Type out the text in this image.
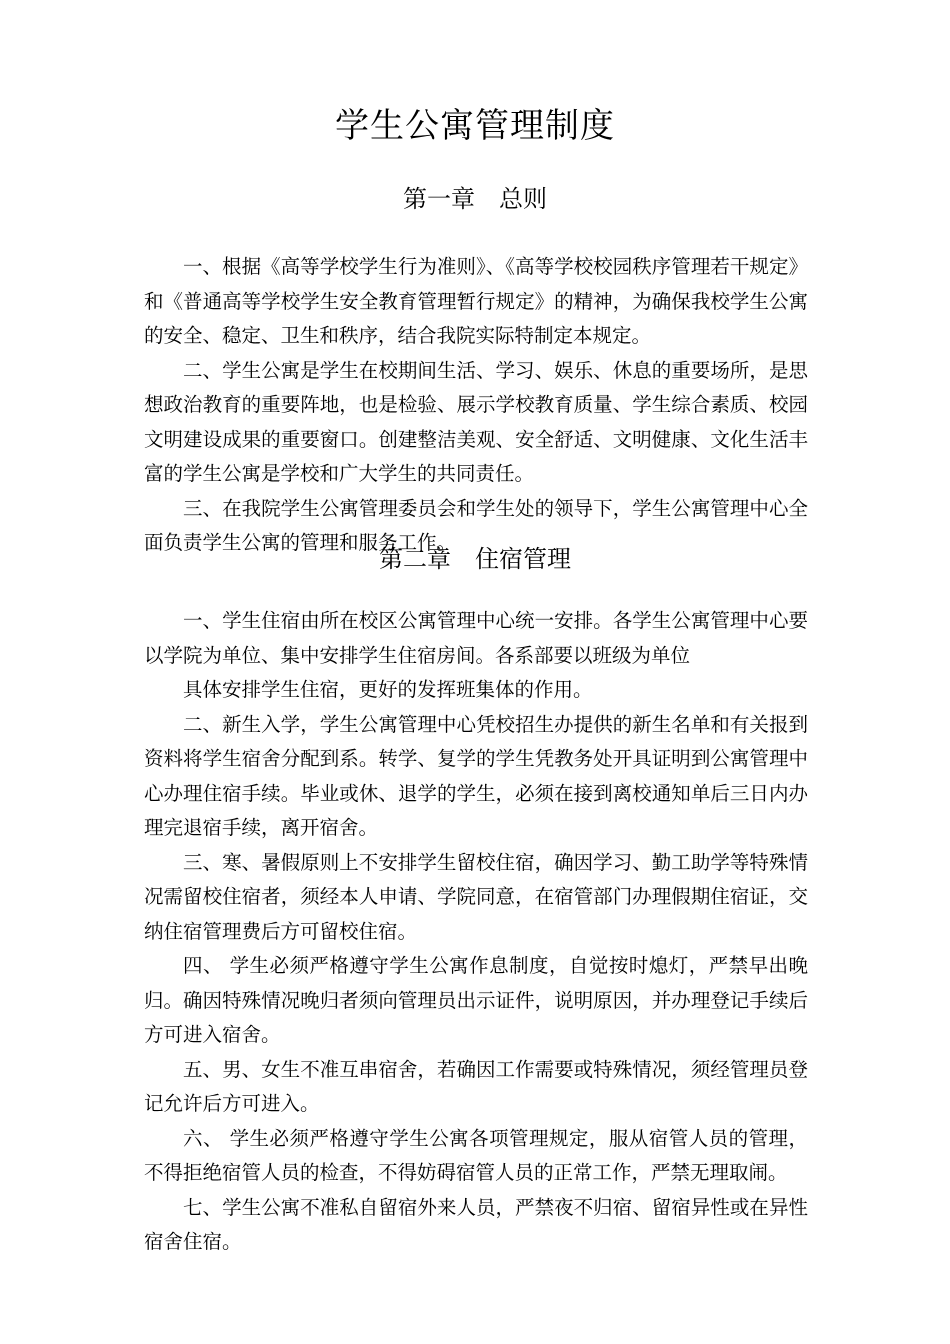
学生公寓管理制度
第一章　总则

一、根据《高等学校学生行为准则》、《高等学校校园秩序管理若干规定》和《普通高等学校学生安全教育管理暂行规定》的精神，为确保我校学生公寓的安全、稳定、卫生和秩序，结合我院实际特制定本规定。

二、学生公寓是学生在校期间生活、学习、娱乐、休息的重要场所，是思想政治教育的重要阵地，也是检验、展示学校教育质量、学生综合素质、校园文明建设成果的重要窗口。创建整洁美观、安全舒适、文明健康、文化生活丰富的学生公寓是学校和广大学生的共同责任。

三、在我院学生公寓管理委员会和学生处的领导下，学生公寓管理中心全面负责学生公寓的管理和服务工作。

第二章　住宿管理

一、学生住宿由所在校区公寓管理中心统一安排。各学生公寓管理中心要以学院为单位、集中安排学生住宿房间。各系部要以班级为单位

具体安排学生住宿，更好的发挥班集体的作用。

二、新生入学，学生公寓管理中心凭校招生办提供的新生名单和有关报到资料将学生宿舍分配到系。转学、复学的学生凭教务处开具证明到公寓管理中心办理住宿手续。毕业或休、退学的学生，必须在接到离校通知单后三日内办理完退宿手续，离开宿舍。

三、寒、暑假原则上不安排学生留校住宿，确因学习、勤工助学等特殊情况需留校住宿者，须经本人申请、学院同意，在宿管部门办理假期住宿证，交纳住宿管理费后方可留校住宿。

四、 学生必须严格遵守学生公寓作息制度，自觉按时熄灯，严禁早出晚归。确因特殊情况晚归者须向管理员出示证件，说明原因，并办理登记手续后方可进入宿舍。

五、男、女生不准互串宿舍，若确因工作需要或特殊情况，须经管理员登记允许后方可进入。

六、 学生必须严格遵守学生公寓各项管理规定，服从宿管人员的管理，不得拒绝宿管人员的检查，不得妨碍宿管人员的正常工作，严禁无理取闹。

七、学生公寓不准私自留宿外来人员，严禁夜不归宿、留宿异性或在异性宿舍住宿。
